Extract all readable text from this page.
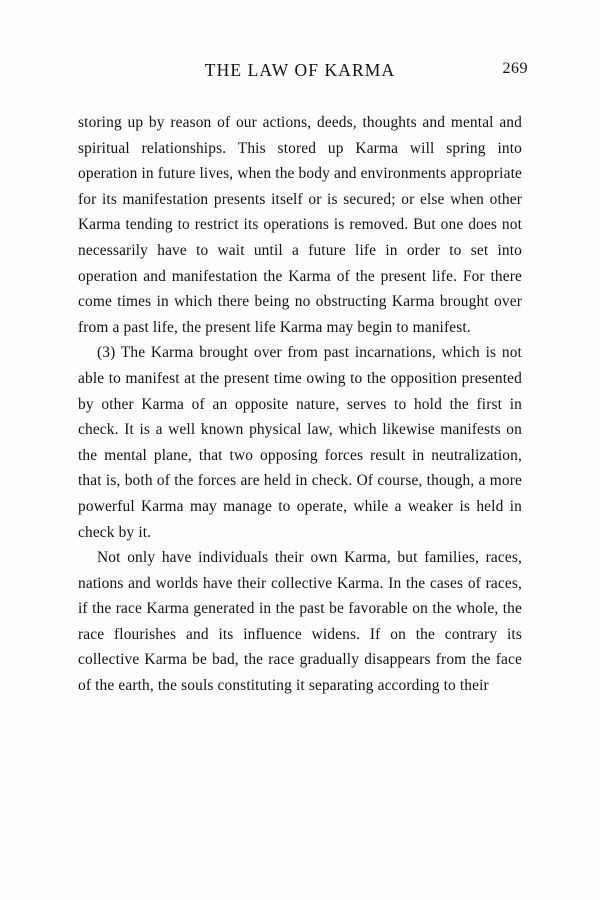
THE LAW OF KARMA	269

storing up by reason of our actions, deeds, thoughts and mental and spiritual relationships. This stored up Karma will spring into operation in future lives, when the body and environments appropriate for its manifestation presents itself or is secured; or else when other Karma tending to restrict its operations is removed. But one does not necessarily have to wait until a future life in order to set into operation and manifestation the Karma of the present life. For there come times in which there being no obstructing Karma brought over from a past life, the present life Karma may begin to manifest.

(3) The Karma brought over from past incarnations, which is not able to manifest at the present time owing to the opposition presented by other Karma of an opposite nature, serves to hold the first in check. It is a well known physical law, which likewise manifests on the mental plane, that two opposing forces result in neutralization, that is, both of the forces are held in check. Of course, though, a more powerful Karma may manage to operate, while a weaker is held in check by it.

Not only have individuals their own Karma, but families, races, nations and worlds have their collective Karma. In the cases of races, if the race Karma generated in the past be favorable on the whole, the race flourishes and its influence widens. If on the contrary its collective Karma be bad, the race gradually disappears from the face of the earth, the souls constituting it separating according to their
